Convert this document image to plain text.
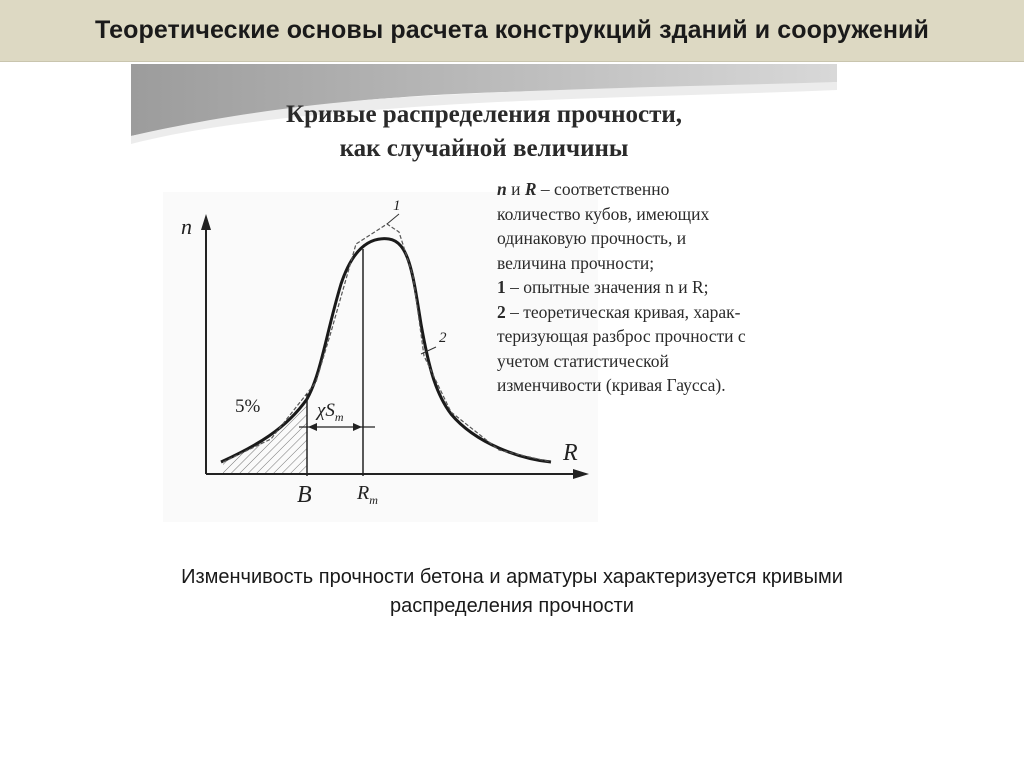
Теоретические основы расчета конструкций зданий и сооружений
Кривые распределения прочности,
как случайной величины

n и R – соответственно

количество кубов, имеющих

одинаковую прочность, и

величина прочности;

1 – опытные значения n и R;

2 – теоретическая кривая, харак-

теризующая разброс прочности с

учетом статистической

изменчивости (кривая Гаусса).

n
R
B $R_m$
5%	$\chi S_m$
1
2
Изменчивость прочности бетона и арматуры характеризуется кривыми
распределения прочности
